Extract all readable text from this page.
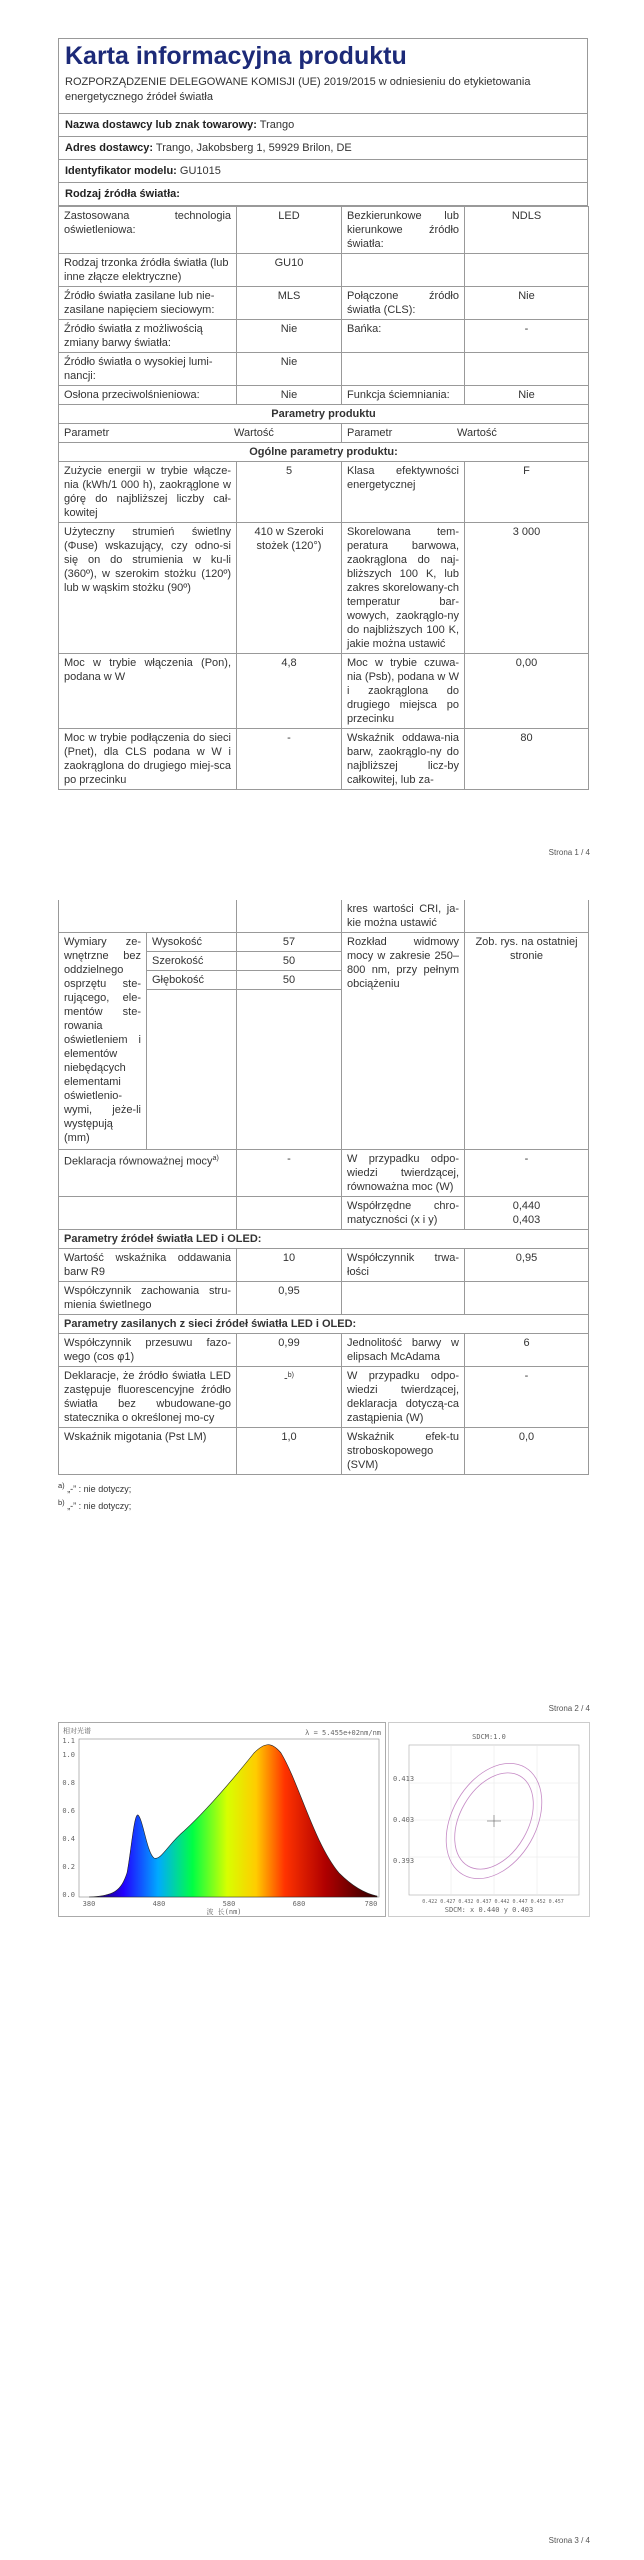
Karta informacyjna produktu
ROZPORZĄDZENIE DELEGOWANE KOMISJI (UE) 2019/2015 w odniesieniu do etykietowania energetycznego źródeł światła
Nazwa dostawcy lub znak towarowy: Trango
Adres dostawcy: Trango, Jakobsberg 1, 59929 Brilon, DE
Identyfikator modelu: GU1015
Rodzaj źródła światła:
Zastosowana technologia oświetleniowa:	LED	Bezkierunkowe lub kierunkowe źródło światła:	NDLS
Rodzaj trzonka źródła światła (lub inne złącze elektryczne)	GU10		
Źródło światła zasilane lub nie-zasilane napięciem sieciowym:	MLS	Połączone źródło światła (CLS):	Nie
Źródło światła z możliwością zmiany barwy światła:	Nie	Bańka:	-
Źródło światła o wysokiej lumi-nancji:	Nie		
Osłona przeciwolśnieniowa:	Nie	Funkcja ściemniania:	Nie
Parametry produktu			
Parametr Wartość		Parametr Wartość	
Ogólne parametry produktu:			
Zużycie energii w trybie włącze-nia (kWh/1 000 h), zaokrąglone w górę do najbliższej liczby cał-kowitej	5	Klasa efektywności energetycznej	F
Użyteczny strumień świetlny (Φuse) wskazujący, czy odno-si się on do strumienia w ku-li (360º), w szerokim stożku (120º) lub w wąskim stożku (90º)	410 w Szeroki stożek (120°)	Skorelowana tem-peratura barwowa, zaokrąglona do naj-bliższych 100 K, lub zakres skorelowany-ch temperatur bar-wowych, zaokrąglo-ny do najbliższych 100 K, jakie można ustawić	3 000
Moc w trybie włączenia (Pon), podana w W	4,8	Moc w trybie czuwa-nia (Psb), podana w W i zaokrąglona do drugiego miejsca po przecinku	0,00
Moc w trybie podłączenia do sieci (Pnet), dla CLS podana w W i zaokrąglona do drugiego miej-sca po przecinku	-	Wskaźnik oddawa-nia barw, zaokrąglo-ny do najbliższej licz-by całkowitej, lub za-	80
Strona 1 / 4
			kres wartości CRI, ja-kie można ustawić	
Wymiary ze-wnętrzne bez oddzielnego osprzętu ste-rującego, ele-mentów ste-rowania oświetleniem i elementów niebędących elementami oświetlenio-wymi, jeże-li występują (mm)	Wysokość	57	Rozkład widmowy mocy w zakresie 250–800 nm, przy pełnym obciążeniu	Zob. rys. na ostatniej stronie
	Szerokość	50		
	Głębokość	50		

Deklaracja równoważnej mocy$^{a)}$		-	W przypadku odpo-wiedzi twierdzącej, równoważna moc (W)	-
			Współrzędne chro-matyczności (x i y)	0,440
0,403

Parametry źródeł światła LED i OLED:				
Wartość wskaźnika oddawania barw R9		10	Współczynnik trwa-łości	0,95
Współczynnik zachowania stru-mienia świetlnego		0,95		
Parametry zasilanych z sieci źródeł światła LED i OLED:				
Współczynnik przesuwu fazo-wego (cos φ1)		0,99	Jednolitość barwy w elipsach McAdama	6
Deklaracje, że źródło światła LED zastępuje fluorescencyjne źródło światła bez wbudowane-go statecznika o określonej mo-cy		-$^{b)}$	W przypadku odpo-wiedzi twierdzącej, deklaracja dotyczą-ca zastąpienia (W)	-
Wskaźnik migotania (Pst LM)		1,0	Wskaźnik efek-tu stroboskopowego (SVM)	0,0
$^{a)}$ „-” : nie dotyczy;
$^{b)}$ „-” : nie dotyczy;
Strona 2 / 4
相对光谱	λ = 5.455e+02nm/nm
1.1
1.0
0.8
0.6
0.4
0.2
0.0
380	480	580	680	780
波 长(nm)
SDCM:1.0
0.413
0.403
0.393
0.422 0.427 0.432 0.437 0.442 0.447 0.452 0.457
SDCM: x 0.440 y 0.403
Strona 3 / 4
